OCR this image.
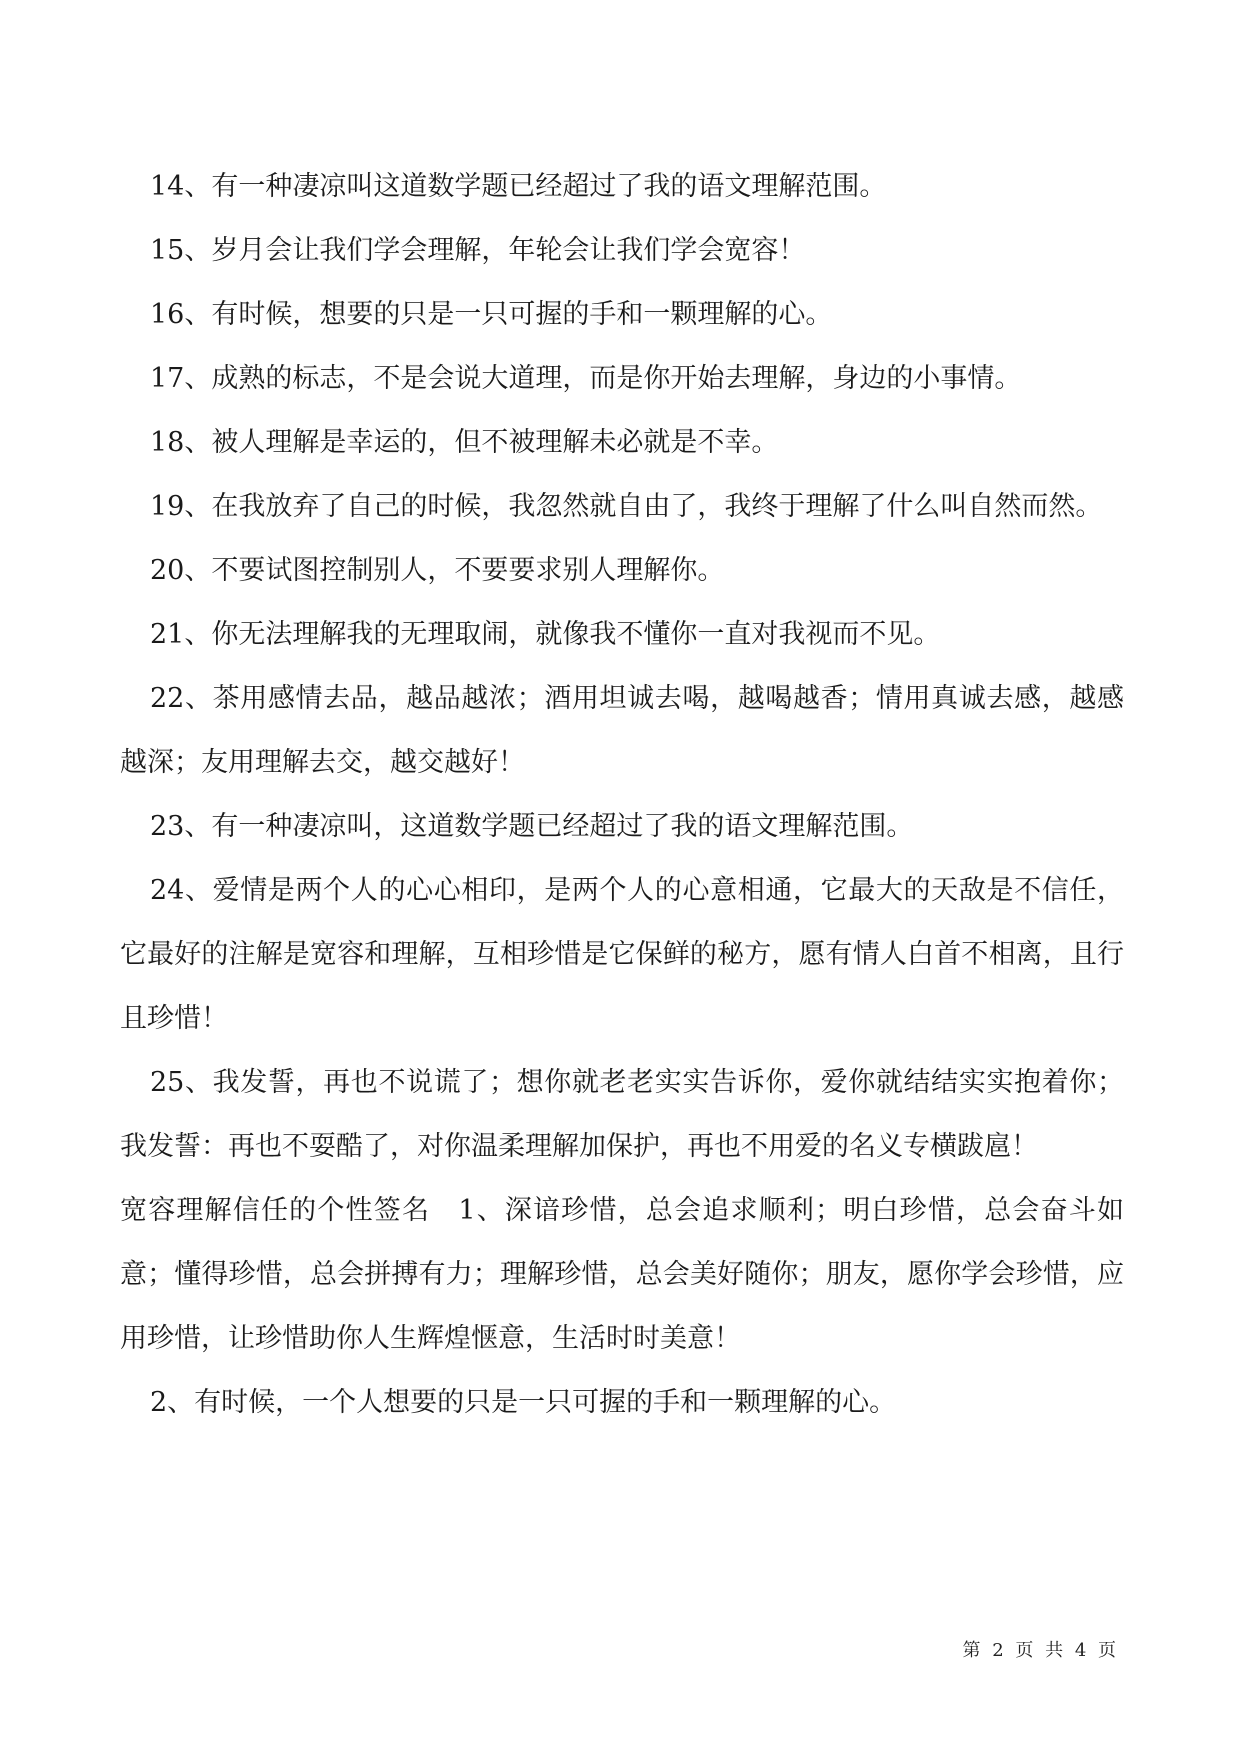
14、有一种凄凉叫这道数学题已经超过了我的语文理解范围。

15、岁月会让我们学会理解，年轮会让我们学会宽容！

16、有时候，想要的只是一只可握的手和一颗理解的心。

17、成熟的标志，不是会说大道理，而是你开始去理解，身边的小事情。

18、被人理解是幸运的，但不被理解未必就是不幸。

19、在我放弃了自己的时候，我忽然就自由了，我终于理解了什么叫自然而然。

20、不要试图控制别人，不要要求别人理解你。

21、你无法理解我的无理取闹，就像我不懂你一直对我视而不见。

22、茶用感情去品，越品越浓；酒用坦诚去喝，越喝越香；情用真诚去感，越感越深；友用理解去交，越交越好！

23、有一种凄凉叫，这道数学题已经超过了我的语文理解范围。

24、爱情是两个人的心心相印，是两个人的心意相通，它最大的天敌是不信任，它最好的注解是宽容和理解，互相珍惜是它保鲜的秘方，愿有情人白首不相离，且行且珍惜！

25、我发誓，再也不说谎了；想你就老老实实告诉你，爱你就结结实实抱着你；我发誓：再也不耍酷了，对你温柔理解加保护，再也不用爱的名义专横跋扈！

宽容理解信任的个性签名　1、深谙珍惜，总会追求顺利；明白珍惜，总会奋斗如意；懂得珍惜，总会拼搏有力；理解珍惜，总会美好随你；朋友，愿你学会珍惜，应用珍惜，让珍惜助你人生辉煌惬意，生活时时美意！

2、有时候，一个人想要的只是一只可握的手和一颗理解的心。

第 2 页 共 4 页
